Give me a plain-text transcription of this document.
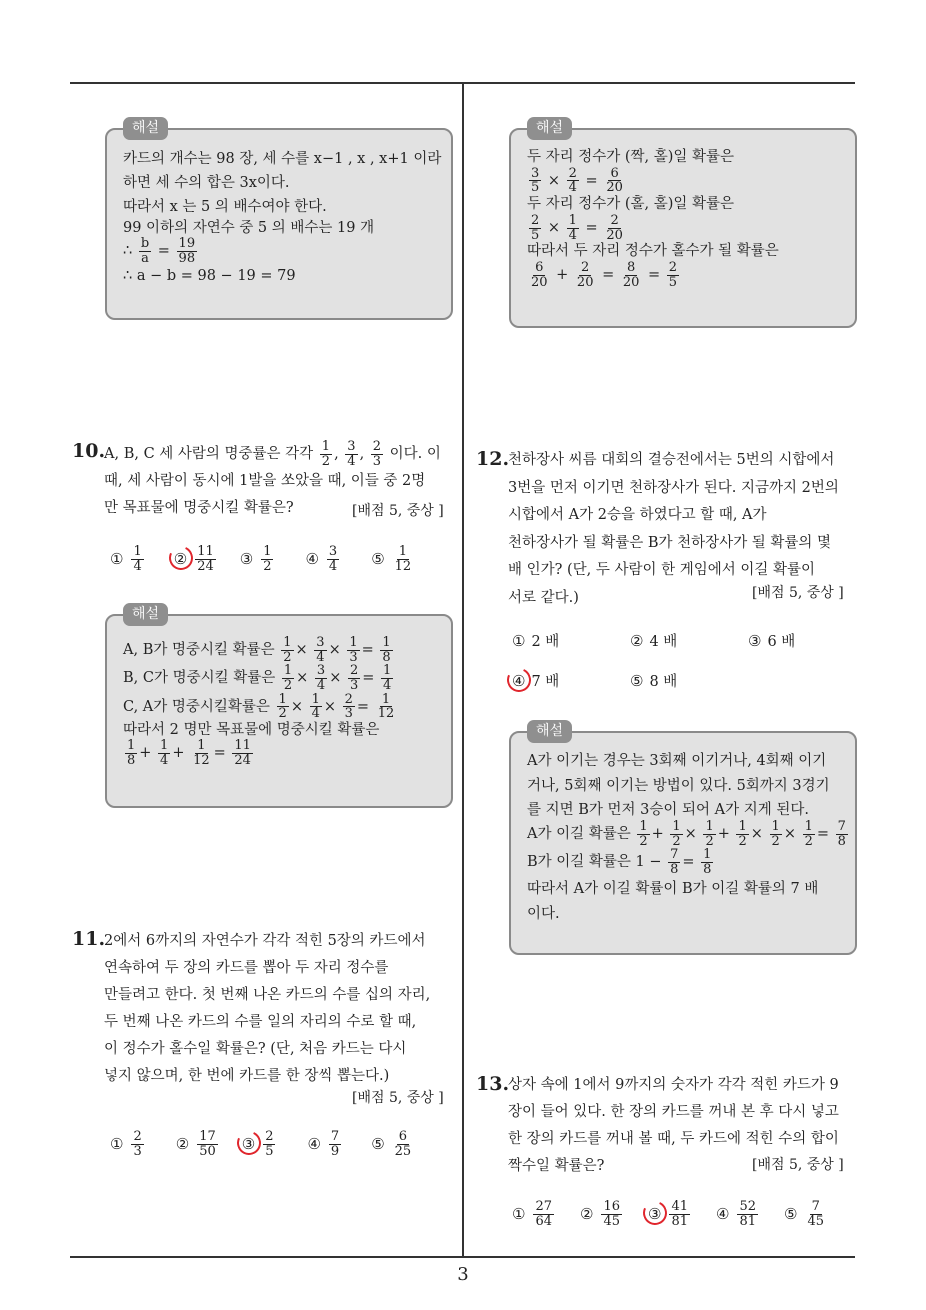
해설
카드의 개수는 98 장, 세 수를 x−1 , x , x+1 이라
하면 세 수의 합은 3x이다.
따라서 x 는 5 의 배수여야 한다.
99 이하의 자연수 중 5 의 배수는 19 개
∴ $\frac{b}{a} = \frac{19}{98}$
∴ a − b = 98 − 19 = 79
해설
두 자리 정수가 (짝, 홀)일 확률은
$\frac{3}{5} \times \frac{2}{4} = \frac{6}{20}$
두 자리 정수가 (홀, 홀)일 확률은
$\frac{2}{5} \times \frac{1}{4} = \frac{2}{20}$
따라서 두 자리 정수가 홀수가 될 확률은
$\frac{6}{20} + \frac{2}{20} = \frac{8}{20} = \frac{2}{5}$
10.
A, B, C 세 사람의 명중률은 각각 $\frac{1}{2}$ , $\frac{3}{4}$ , $\frac{2}{3}$ 이다. 이
때, 세 사람이 동시에 1발을 쏘았을 때, 이들 중 2명
만 목표물에 명중시킬 확률은?	[배점 5, 중상 ]
① $\frac{1}{4}$ ② $\frac{11}{24}$ ③ $\frac{1}{2}$ ④ $\frac{3}{4}$ ⑤ $\frac{1}{12}$
해설
A, B가 명중시킬 확률은 $\frac{1}{2} \times \frac{3}{4} \times \frac{1}{3} = \frac{1}{8}$
B, C가 명중시킬 확률은 $\frac{1}{2} \times \frac{3}{4} \times \frac{2}{3} = \frac{1}{4}$
C, A가 명중시킬확률은 $\frac{1}{2} \times \frac{1}{4} \times \frac{2}{3} = \frac{1}{12}$
따라서 2 명만 목표물에 명중시킬 확률은
$\frac{1}{8} + \frac{1}{4} + \frac{1}{12} = \frac{11}{24}$
11.
2에서 6까지의 자연수가 각각 적힌 5장의 카드에서
연속하여 두 장의 카드를 뽑아 두 자리 정수를
만들려고 한다. 첫 번째 나온 카드의 수를 십의 자리,
두 번째 나온 카드의 수를 일의 자리의 수로 할 때,
이 정수가 홀수일 확률은? (단, 처음 카드는 다시
넣지 않으며, 한 번에 카드를 한 장씩 뽑는다.)
[배점 5, 중상 ]
① $\frac{2}{3}$ ② $\frac{17}{50}$ ③ $\frac{2}{5}$ ④ $\frac{7}{9}$ ⑤ $\frac{6}{25}$
12.
천하장사 씨름 대회의 결승전에서는 5번의 시합에서
3번을 먼저 이기면 천하장사가 된다. 지금까지 2번의
시합에서 A가 2승을 하였다고 할 때, A가
천하장사가 될 확률은 B가 천하장사가 될 확률의 몇
배 인가? (단, 두 사람이 한 게임에서 이길 확률이
서로 같다.)	[배점 5, 중상 ]
① 2 배	② 4 배	③ 6 배
④ 7 배	⑤ 8 배
해설
A가 이기는 경우는 3회째 이기거나, 4회째 이기
거나, 5회째 이기는 방법이 있다. 5회까지 3경기
를 지면 B가 먼저 3승이 되어 A가 지게 된다.
A가 이길 확률은 $\frac{1}{2} + \frac{1}{2} \times \frac{1}{2} + \frac{1}{2} \times \frac{1}{2} \times \frac{1}{2} = \frac{7}{8}$
B가 이길 확률은 $1 - \frac{7}{8} = \frac{1}{8}$
따라서 A가 이길 확률이 B가 이길 확률의 7 배
이다.
13.
상자 속에 1에서 9까지의 숫자가 각각 적힌 카드가 9
장이 들어 있다. 한 장의 카드를 꺼내 본 후 다시 넣고
한 장의 카드를 꺼내 볼 때, 두 카드에 적힌 수의 합이
짝수일 확률은?	[배점 5, 중상 ]
① $\frac{27}{64}$ ② $\frac{16}{45}$ ③ $\frac{41}{81}$ ④ $\frac{52}{81}$ ⑤ $\frac{7}{45}$
3
